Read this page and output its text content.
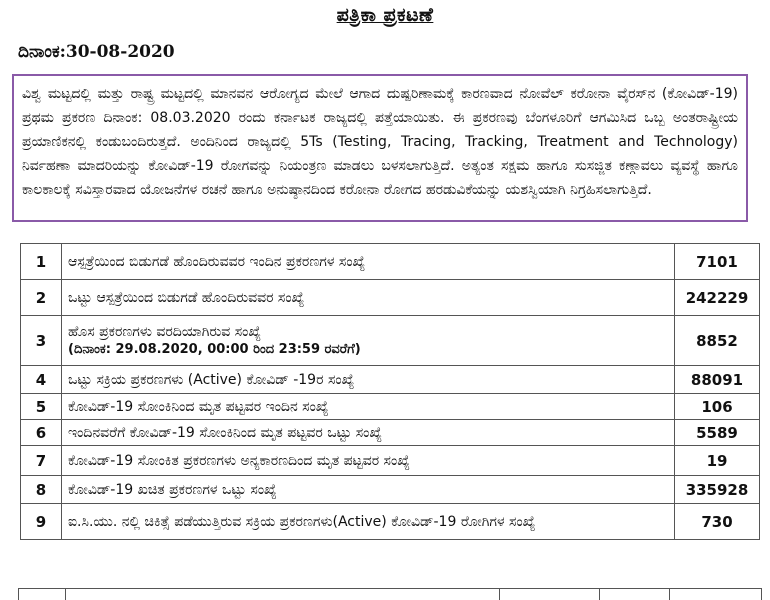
ಪತ್ರಿಕಾ ಪ್ರಕಟಣೆ
ದಿನಾಂಕ:30-08-2020
ವಿಶ್ವ ಮಟ್ಟದಲ್ಲಿ ಮತ್ತು ರಾಷ್ಟ್ರ ಮಟ್ಟದಲ್ಲಿ ಮಾನವನ ಆರೋಗ್ಯದ ಮೇಲೆ ಆಗಾದ ದುಷ್ಪರಿಣಾಮಕ್ಕೆ ಕಾರಣವಾದ ನೋವೆಲ್ ಕರೋನಾ ವೈರಸ್‌ನ (ಕೋವಿಡ್-19) ಪ್ರಥಮ ಪ್ರಕರಣ ದಿನಾಂಕ: 08.03.2020 ರಂದು ಕರ್ನಾಟಕ ರಾಜ್ಯದಲ್ಲಿ ಪತ್ತೆಯಾಯಿತು. ಈ ಪ್ರಕರಣವು ಬೆಂಗಳೂರಿಗೆ ಆಗಮಿಸಿದ ಒಬ್ಬ ಅಂತರಾಷ್ಟ್ರೀಯ ಪ್ರಯಾಣಿಕನಲ್ಲಿ ಕಂಡುಬಂದಿರುತ್ತದೆ. ಅಂದಿನಿಂದ ರಾಜ್ಯದಲ್ಲಿ 5Ts (Testing, Tracing, Tracking, Treatment and Technology) ನಿರ್ವಹಣಾ ಮಾದರಿಯನ್ನು ಕೋವಿಡ್-19 ರೋಗವನ್ನು ನಿಯಂತ್ರಣ ಮಾಡಲು ಬಳಸಲಾಗುತ್ತಿದೆ. ಅತ್ಯಂತ ಸಕ್ಷಮ ಹಾಗೂ ಸುಸಜ್ಜಿತ ಕಣ್ಗಾವಲು ವ್ಯವಸ್ಥೆ ಹಾಗೂ ಕಾಲಕಾಲಕ್ಕೆ ಸವಿಸ್ತಾರವಾದ ಯೋಜನೆಗಳ ರಚನೆ ಹಾಗೂ ಅನುಷ್ಠಾನದಿಂದ ಕರೋನಾ ರೋಗದ ಹರಡುವಿಕೆಯನ್ನು ಯಶಸ್ವಿಯಾಗಿ ನಿಗ್ರಹಿಸಲಾಗುತ್ತಿದೆ.
1	ಆಸ್ಪತ್ರೆಯಿಂದ ಬಿಡುಗಡೆ ಹೊಂದಿರುವವರ ಇಂದಿನ ಪ್ರಕರಣಗಳ ಸಂಖ್ಯೆ	7101
2	ಒಟ್ಟು ಆಸ್ಪತ್ರೆಯಿಂದ ಬಿಡುಗಡೆ ಹೊಂದಿರುವವರ ಸಂಖ್ಯೆ	242229
3	ಹೊಸ ಪ್ರಕರಣಗಳು ವರದಿಯಾಗಿರುವ ಸಂಖ್ಯೆ
(ದಿನಾಂಕ: 29.08.2020, 00:00 ರಿಂದ 23:59 ರವರೆಗೆ)	8852
4	ಒಟ್ಟು ಸಕ್ರಿಯ ಪ್ರಕರಣಗಳು (Active) ಕೋವಿಡ್ -19ರ ಸಂಖ್ಯೆ	88091
5	ಕೋವಿಡ್-19 ಸೋಂಕಿನಿಂದ ಮೃತ ಪಟ್ಟವರ ಇಂದಿನ ಸಂಖ್ಯೆ	106
6	ಇಂದಿನವರೆಗೆ ಕೋವಿಡ್-19 ಸೋಂಕಿನಿಂದ ಮೃತ ಪಟ್ಟವರ ಒಟ್ಟು ಸಂಖ್ಯೆ	5589
7	ಕೋವಿಡ್-19 ಸೋಂಕಿತ ಪ್ರಕರಣಗಳು ಅನ್ಯಕಾರಣದಿಂದ ಮೃತ ಪಟ್ಟವರ ಸಂಖ್ಯೆ	19
8	ಕೋವಿಡ್-19 ಖಚಿತ ಪ್ರಕರಣಗಳ ಒಟ್ಟು ಸಂಖ್ಯೆ	335928
9	ಐ.ಸಿ.ಯು. ನಲ್ಲಿ ಚಿಕಿತ್ಸೆ ಪಡೆಯುತ್ತಿರುವ ಸಕ್ರಿಯ ಪ್ರಕರಣಗಳು(Active) ಕೋವಿಡ್-19 ರೋಗಿಗಳ ಸಂಖ್ಯೆ	730
